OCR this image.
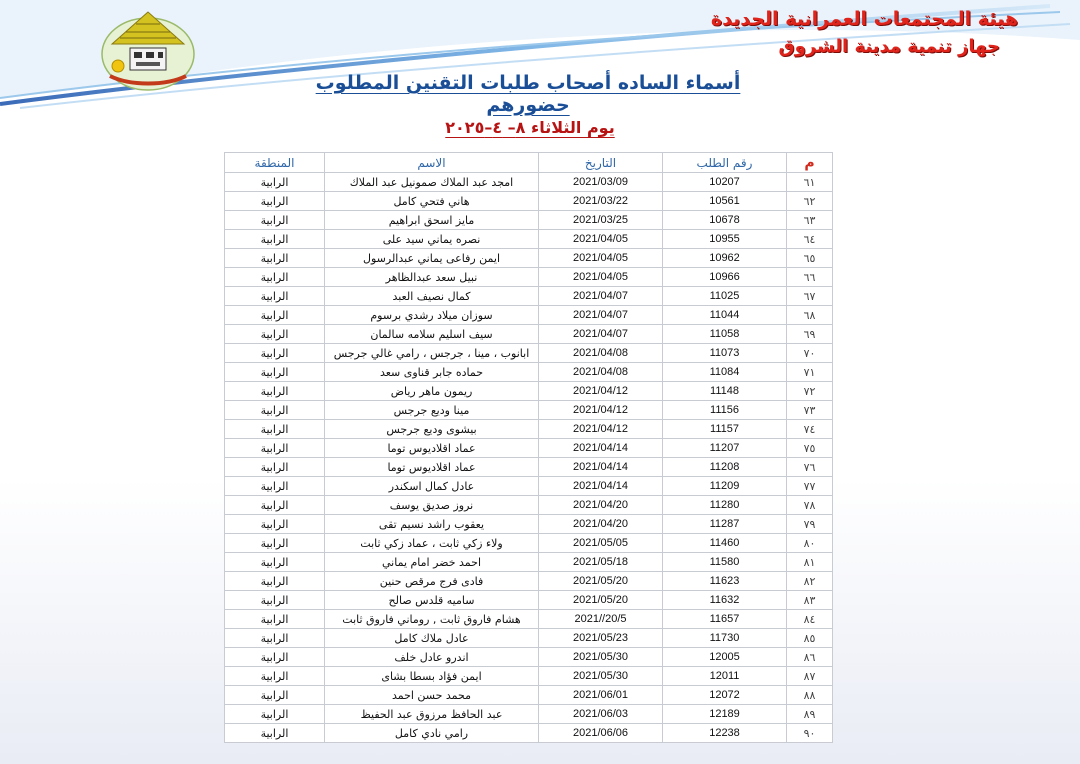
هيئة المجتمعات العمرانية الجديدة
جهاز تنمية مدينة الشروق
أسماء الساده أصحاب طلبات التقنين المطلوب حضورهم
يوم الثلاثاء ٨– ٤–٢٠٢٥
م	رقم الطلب	التاريخ	الاسم	المنطقة
٦١	10207	2021/03/09	امجد عبد الملاك صمونيل عبد الملاك	الرابية
٦٢	10561	2021/03/22	هاني فتحي كامل	الرابية
٦٣	10678	2021/03/25	مايز اسحق ابراهيم	الرابية
٦٤	10955	2021/04/05	نصره يماني سيد على	الرابية
٦٥	10962	2021/04/05	ايمن رفاعى يماني عبدالرسول	الرابية
٦٦	10966	2021/04/05	نبيل سعد عبدالظاهر	الرابية
٦٧	11025	2021/04/07	كمال نصيف العبد	الرابية
٦٨	11044	2021/04/07	سوزان ميلاد رشدي برسوم	الرابية
٦٩	11058	2021/04/07	سيف اسليم سلامه سالمان	الرابية
٧٠	11073	2021/04/08	ابانوب ، مينا ، جرجس ، رامي غالي جرجس	الرابية
٧١	11084	2021/04/08	حماده جابر قناوى سعد	الرابية
٧٢	11148	2021/04/12	ريمون ماهر رياض	الرابية
٧٣	11156	2021/04/12	مينا وديع جرجس	الرابية
٧٤	11157	2021/04/12	بيشوى وديع جرجس	الرابية
٧٥	11207	2021/04/14	عماد اقلاديوس توما	الرابية
٧٦	11208	2021/04/14	عماد اقلاديوس توما	الرابية
٧٧	11209	2021/04/14	عادل كمال اسكندر	الرابية
٧٨	11280	2021/04/20	نروز صديق يوسف	الرابية
٧٩	11287	2021/04/20	يعقوب راشد نسيم تقى	الرابية
٨٠	11460	2021/05/05	ولاء زكي ثابت ، عماد زكي ثابت	الرابية
٨١	11580	2021/05/18	احمد خضر امام يماني	الرابية
٨٢	11623	2021/05/20	فادى فرج مرقص حنين	الرابية
٨٣	11632	2021/05/20	ساميه قلدس صالح	الرابية
٨٤	11657	20/5//2021	هشام فاروق ثابت , روماني فاروق ثابت	الرابية
٨٥	11730	2021/05/23	عادل ملاك كامل	الرابية
٨٦	12005	2021/05/30	اندرو عادل خلف	الرابية
٨٧	12011	2021/05/30	ايمن فؤاد بسطا بشاى	الرابية
٨٨	12072	2021/06/01	محمد حسن احمد	الرابية
٨٩	12189	2021/06/03	عبد الحافظ مرزوق عبد الحفيظ	الرابية
٩٠	12238	2021/06/06	رامي نادي كامل	الرابية
